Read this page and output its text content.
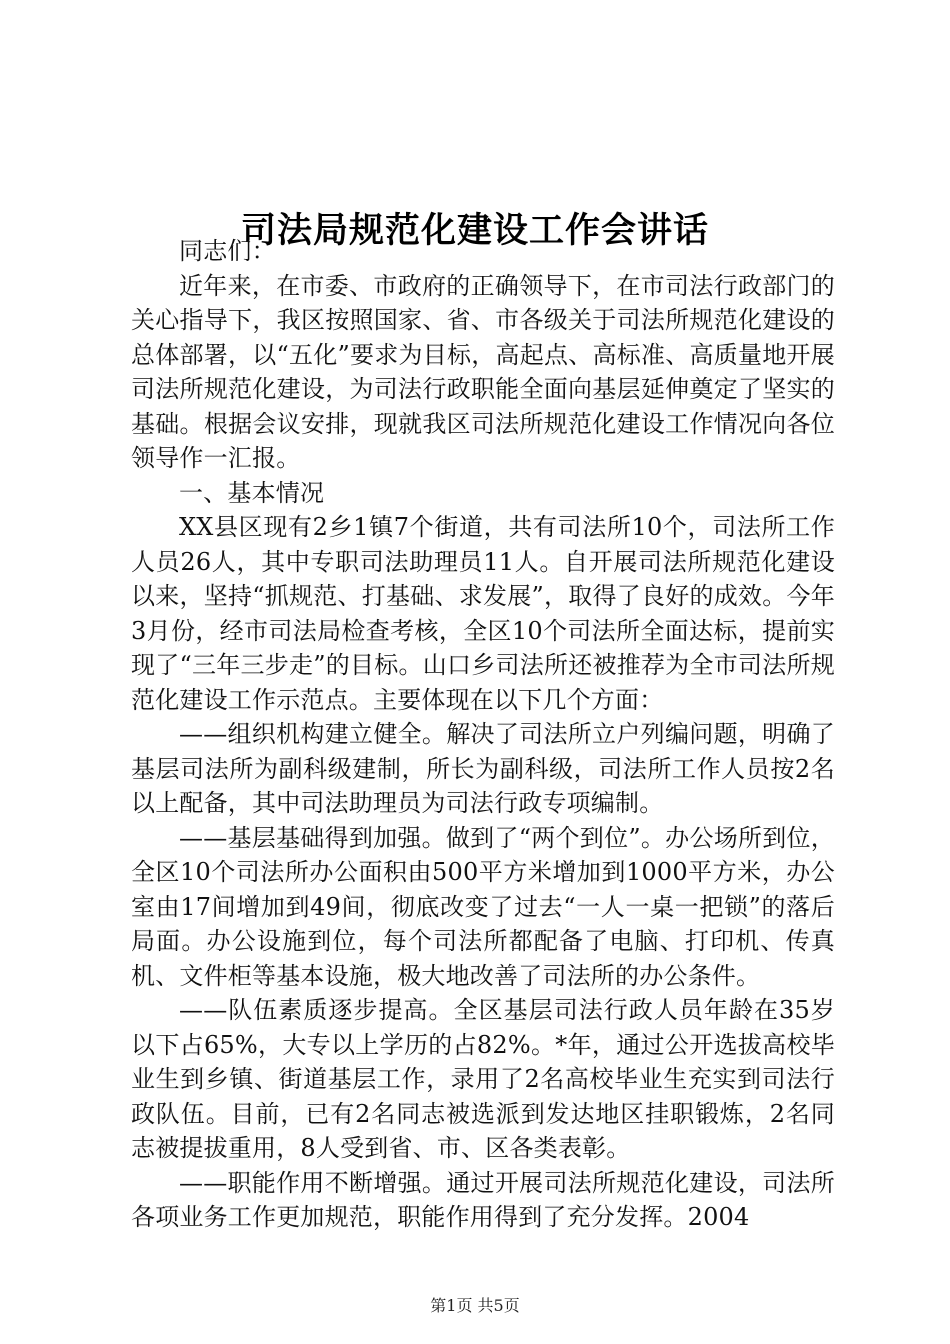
司法局规范化建设工作会讲话

同志们：

近年来，在市委、市政府的正确领导下，在市司法行政部门的关心指导下，我区按照国家、省、市各级关于司法所规范化建设的总体部署，以“五化”要求为目标，高起点、高标准、高质量地开展司法所规范化建设，为司法行政职能全面向基层延伸奠定了坚实的基础。根据会议安排，现就我区司法所规范化建设工作情况向各位领导作一汇报。

一、基本情况

XX县区现有2乡1镇7个街道，共有司法所10个，司法所工作人员26人，其中专职司法助理员11人。自开展司法所规范化建设以来，坚持“抓规范、打基础、求发展”，取得了良好的成效。今年3月份，经市司法局检查考核，全区10个司法所全面达标，提前实现了“三年三步走”的目标。山口乡司法所还被推荐为全市司法所规范化建设工作示范点。主要体现在以下几个方面：

——组织机构建立健全。解决了司法所立户列编问题，明确了基层司法所为副科级建制，所长为副科级，司法所工作人员按2名以上配备，其中司法助理员为司法行政专项编制。

——基层基础得到加强。做到了“两个到位”。办公场所到位，全区10个司法所办公面积由500平方米增加到1000平方米，办公室由17间增加到49间，彻底改变了过去“一人一桌一把锁”的落后局面。办公设施到位，每个司法所都配备了电脑、打印机、传真机、文件柜等基本设施，极大地改善了司法所的办公条件。

——队伍素质逐步提高。全区基层司法行政人员年龄在35岁以下占65%，大专以上学历的占82%。*年，通过公开选拔高校毕业生到乡镇、街道基层工作，录用了2名高校毕业生充实到司法行政队伍。目前，已有2名同志被选派到发达地区挂职锻炼，2名同志被提拔重用，8人受到省、市、区各类表彰。

——职能作用不断增强。通过开展司法所规范化建设，司法所各项业务工作更加规范，职能作用得到了充分发挥。2004

第1页 共5页
